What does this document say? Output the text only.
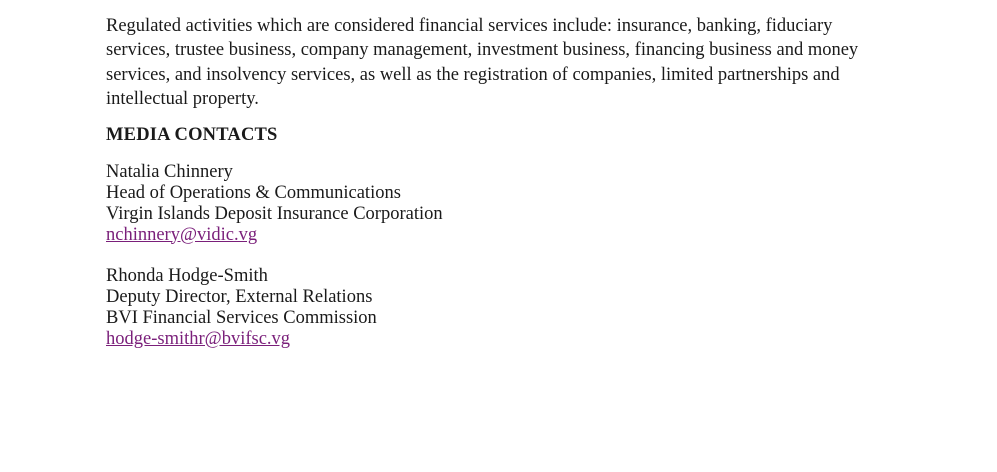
Regulated activities which are considered financial services include: insurance, banking, fiduciary services, trustee business, company management, investment business, financing business and money services, and insolvency services, as well as the registration of companies, limited partnerships and intellectual property.

MEDIA CONTACTS
Natalia Chinnery
Head of Operations & Communications
Virgin Islands Deposit Insurance Corporation
nchinnery@vidic.vg
Rhonda Hodge-Smith
Deputy Director, External Relations
BVI Financial Services Commission
hodge-smithr@bvifsc.vg
